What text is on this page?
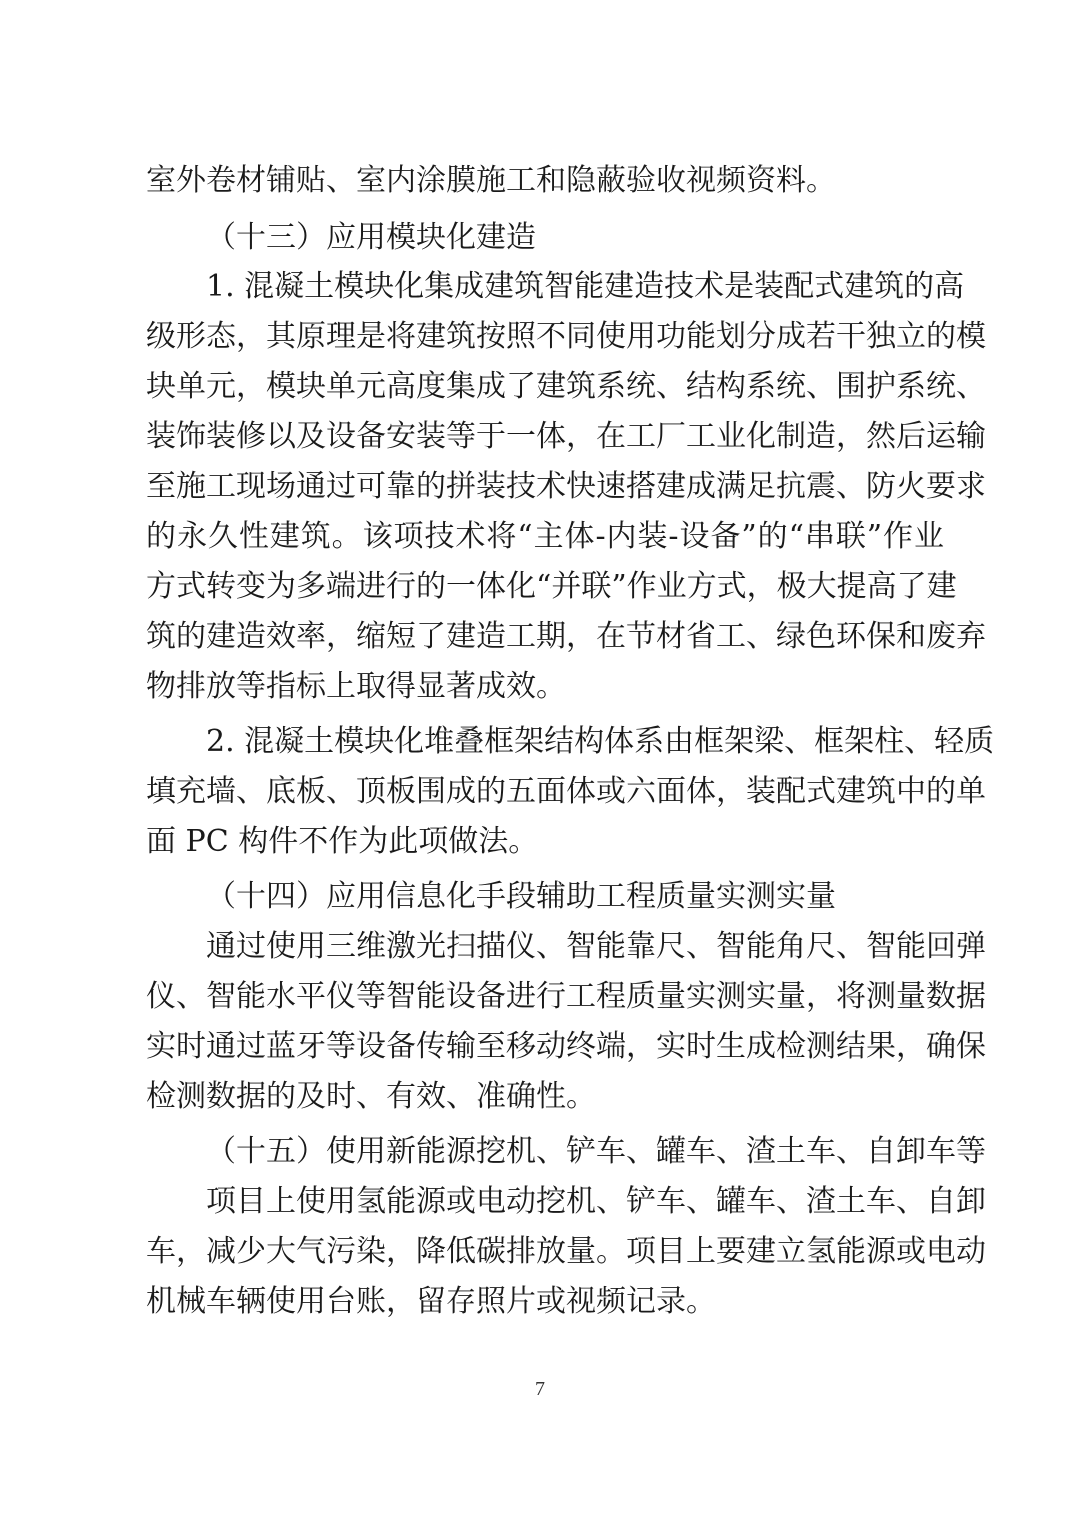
室外卷材铺贴、室内涂膜施工和隐蔽验收视频资料。
（十三）应用模块化建造
1. 混凝土模块化集成建筑智能建造技术是装配式建筑的高
级形态，其原理是将建筑按照不同使用功能划分成若干独立的模
块单元，模块单元高度集成了建筑系统、结构系统、围护系统、
装饰装修以及设备安装等于一体，在工厂工业化制造，然后运输
至施工现场通过可靠的拼装技术快速搭建成满足抗震、防火要求
的永久性建筑。该项技术将“主体-内装-设备”的“串联”作业
方式转变为多端进行的一体化“并联”作业方式，极大提高了建
筑的建造效率，缩短了建造工期，在节材省工、绿色环保和废弃
物排放等指标上取得显著成效。
2. 混凝土模块化堆叠框架结构体系由框架梁、框架柱、轻质
填充墙、底板、顶板围成的五面体或六面体，装配式建筑中的单
面 PC 构件不作为此项做法。
（十四）应用信息化手段辅助工程质量实测实量
通过使用三维激光扫描仪、智能靠尺、智能角尺、智能回弹
仪、智能水平仪等智能设备进行工程质量实测实量，将测量数据
实时通过蓝牙等设备传输至移动终端，实时生成检测结果，确保
检测数据的及时、有效、准确性。
（十五）使用新能源挖机、铲车、罐车、渣土车、自卸车等
项目上使用氢能源或电动挖机、铲车、罐车、渣土车、自卸
车，减少大气污染，降低碳排放量。项目上要建立氢能源或电动
机械车辆使用台账，留存照片或视频记录。
7
